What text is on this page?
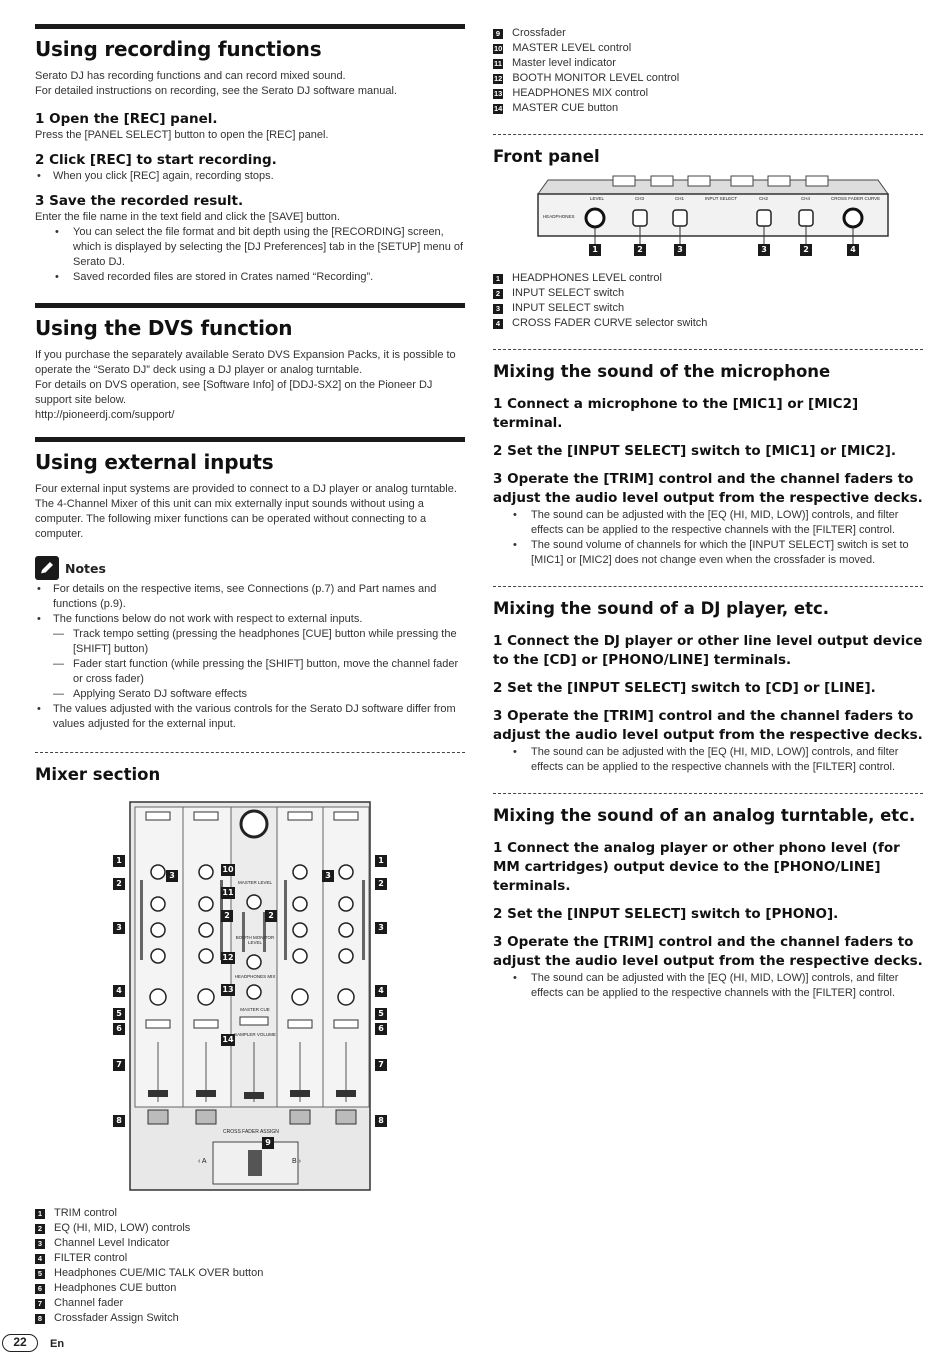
Using recording functions

Serato DJ has recording functions and can record mixed sound.

For detailed instructions on recording, see the Serato DJ software manual.

1 Open the [REC] panel.
Press the [PANEL SELECT] button to open the [REC] panel.
2 Click [REC] to start recording.
• When you click [REC] again, recording stops.
3 Save the recorded result.
Enter the file name in the text field and click the [SAVE] button.
• You can select the file format and bit depth using the [RECORDING] screen, which is displayed by selecting the [DJ Preferences] tab in the [SETUP] menu of Serato DJ.
• Saved recorded files are stored in Crates named “Recording”.
Using the DVS function

If you purchase the separately available Serato DVS Expansion Packs, it is possible to operate the “Serato DJ” deck using a DJ player or analog turntable.

For details on DVS operation, see [Software Info] of [DDJ-SX2] on the Pioneer DJ support site below.

http://pioneerdj.com/support/

Using external inputs

Four external input systems are provided to connect to a DJ player or analog turntable. The 4-Channel Mixer of this unit can mix externally input sounds without using a computer. The following mixer functions can be operated without connecting to a computer.

Notes
• For details on the respective items, see Connections (p.7) and Part names and functions (p.9).
• The functions below do not work with respect to external inputs.
— Track tempo setting (pressing the headphones [CUE] button while pressing the [SHIFT] button)
— Fader start function (while pressing the [SHIFT] button, move the channel fader or cross fader)
— Applying Serato DJ software effects
• The values adjusted with the various controls for the Serato DJ software differ from values adjusted for the external input.
Mixer section
1
2
3
4
5
6
7
8
1
2
3
4
5
6
7
8
3	3
10
11
2	2
12
13
14
9
‹ A	B ›
CROSS FADER ASSIGN
BOOTH MONITOR LEVEL
HEADPHONES MIX
MASTER LEVEL
MASTER CUE
SAMPLER VOLUME
1 TRIM control
2 EQ (HI, MID, LOW) controls
3 Channel Level Indicator
4 FILTER control
5 Headphones CUE/MIC TALK OVER button
6 Headphones CUE button
7 Channel fader
8 Crossfader Assign Switch
9 Crossfader
10 MASTER LEVEL control
11 Master level indicator
12 BOOTH MONITOR LEVEL control
13 HEADPHONES MIX control
14 MASTER CUE button
Front panel
1	2	3	3	2	4
LEVEL
HEADPHONES
INPUT SELECT	CROSS FADER CURVE
CH3	CH1	CH2	CH4
1 HEADPHONES LEVEL control
2 INPUT SELECT switch
3 INPUT SELECT switch
4 CROSS FADER CURVE selector switch
Mixing the sound of the microphone
1 Connect a microphone to the [MIC1] or [MIC2] terminal.
2 Set the [INPUT SELECT] switch to [MIC1] or [MIC2].
3 Operate the [TRIM] control and the channel faders to adjust the audio level output from the respective decks.
• The sound can be adjusted with the [EQ (HI, MID, LOW)] controls, and filter effects can be applied to the respective channels with the [FILTER] control.
• The sound volume of channels for which the [INPUT SELECT] switch is set to [MIC1] or [MIC2] does not change even when the crossfader is moved.
Mixing the sound of a DJ player, etc.
1 Connect the DJ player or other line level output device to the [CD] or [PHONO/LINE] terminals.
2 Set the [INPUT SELECT] switch to [CD] or [LINE].
3 Operate the [TRIM] control and the channel faders to adjust the audio level output from the respective decks.
• The sound can be adjusted with the [EQ (HI, MID, LOW)] controls, and filter effects can be applied to the respective channels with the [FILTER] control.
Mixing the sound of an analog turntable, etc.
1 Connect the analog player or other phono level (for MM cartridges) output device to the [PHONO/LINE] terminals.
2 Set the [INPUT SELECT] switch to [PHONO].
3 Operate the [TRIM] control and the channel faders to adjust the audio level output from the respective decks.
• The sound can be adjusted with the [EQ (HI, MID, LOW)] controls, and filter effects can be applied to the respective channels with the [FILTER] control.
22	En
